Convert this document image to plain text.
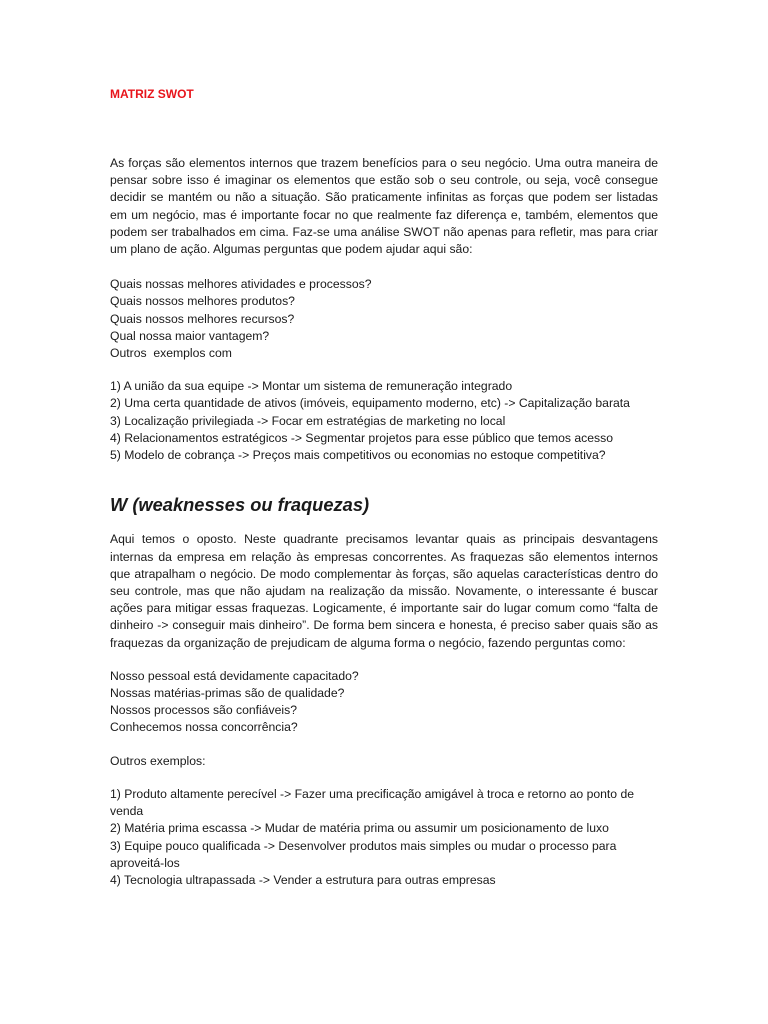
MATRIZ SWOT

As forças são elementos internos que trazem benefícios para o seu negócio. Uma outra maneira de pensar sobre isso é imaginar os elementos que estão sob o seu controle, ou seja, você consegue decidir se mantém ou não a situação. São praticamente infinitas as forças que podem ser listadas em um negócio, mas é importante focar no que realmente faz diferença e, também, elementos que podem ser trabalhados em cima. Faz-se uma análise SWOT não apenas para refletir, mas para criar um plano de ação. Algumas perguntas que podem ajudar aqui são:

Quais nossas melhores atividades e processos?
Quais nossos melhores produtos?
Quais nossos melhores recursos?
Qual nossa maior vantagem?
Outros  exemplos com
1) A união da sua equipe -> Montar um sistema de remuneração integrado
2) Uma certa quantidade de ativos (imóveis, equipamento moderno, etc) -> Capitalização barata
3) Localização privilegiada -> Focar em estratégias de marketing no local
4) Relacionamentos estratégicos -> Segmentar projetos para esse público que temos acesso
5) Modelo de cobrança -> Preços mais competitivos ou economias no estoque competitiva?
W (weaknesses ou fraquezas)

Aqui temos o oposto. Neste quadrante precisamos levantar quais as principais desvantagens internas da empresa em relação às empresas concorrentes. As fraquezas são elementos internos que atrapalham o negócio. De modo complementar às forças, são aquelas características dentro do seu controle, mas que não ajudam na realização da missão. Novamente, o interessante é buscar ações para mitigar essas fraquezas. Logicamente, é importante sair do lugar comum como “falta de dinheiro -> conseguir mais dinheiro”. De forma bem sincera e honesta, é preciso saber quais são as fraquezas da organização de prejudicam de alguma forma o negócio, fazendo perguntas como:

Nosso pessoal está devidamente capacitado?
Nossas matérias-primas são de qualidade?
Nossos processos são confiáveis?
Conhecemos nossa concorrência?

Outros exemplos:

1) Produto altamente perecível -> Fazer uma precificação amigável à troca e retorno ao ponto de venda
2) Matéria prima escassa -> Mudar de matéria prima ou assumir um posicionamento de luxo
3) Equipe pouco qualificada -> Desenvolver produtos mais simples ou mudar o processo para aproveitá-los
4) Tecnologia ultrapassada -> Vender a estrutura para outras empresas
